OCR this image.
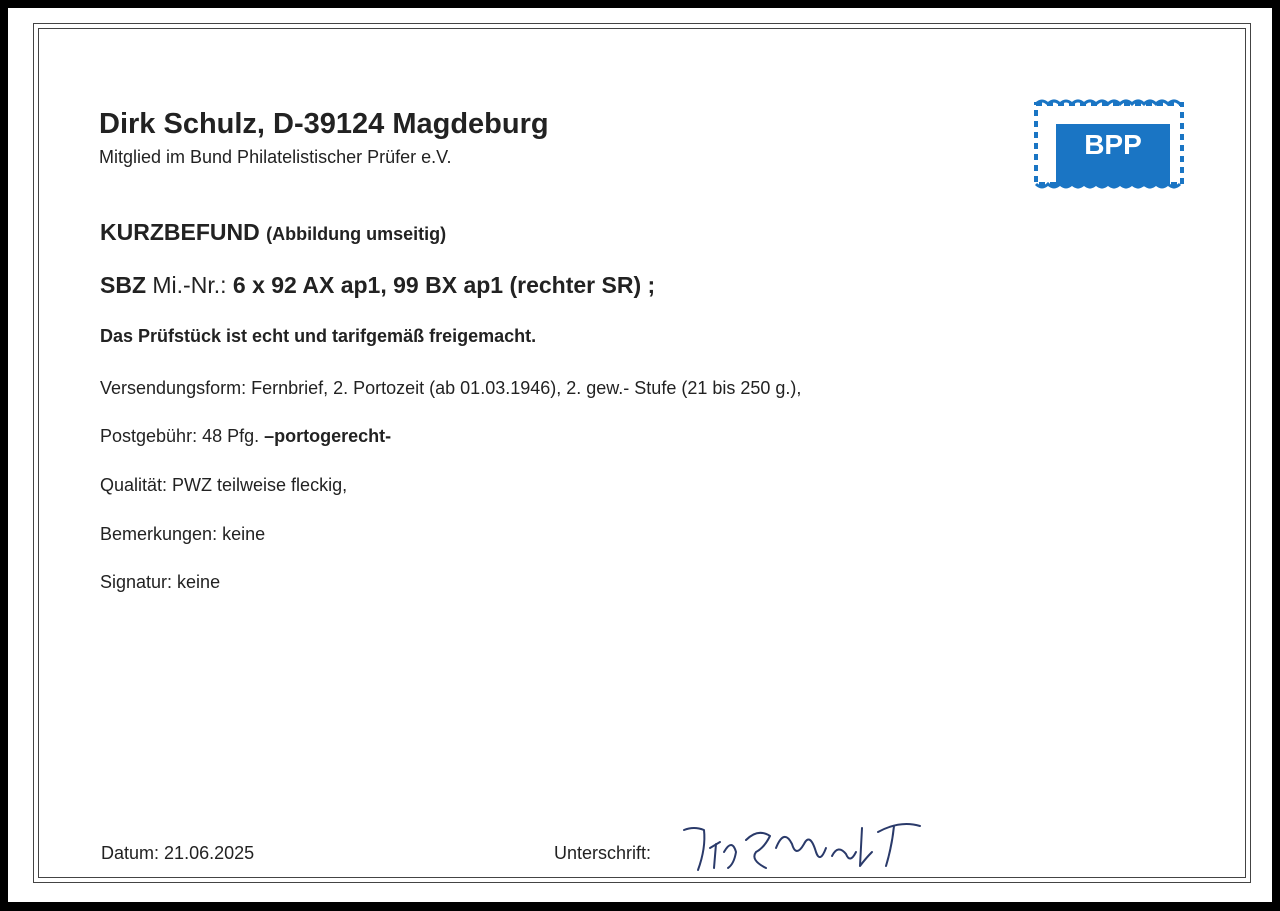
Dirk Schulz, D-39124 Magdeburg
Mitglied im Bund Philatelistischer Prüfer e.V.	BPP
KURZBEFUND (Abbildung umseitig)
SBZ Mi.-Nr.: 6 x 92 AX ap1, 99 BX ap1 (rechter SR) ;
Das Prüfstück ist echt und tarifgemäß freigemacht.
Versendungsform: Fernbrief, 2. Portozeit (ab 01.03.1946), 2. gew.- Stufe (21 bis 250 g.),
Postgebühr: 48 Pfg. –portogerecht-
Qualität: PWZ teilweise fleckig,
Bemerkungen: keine
Signatur: keine
Datum: 21.06.2025	Unterschrift:
